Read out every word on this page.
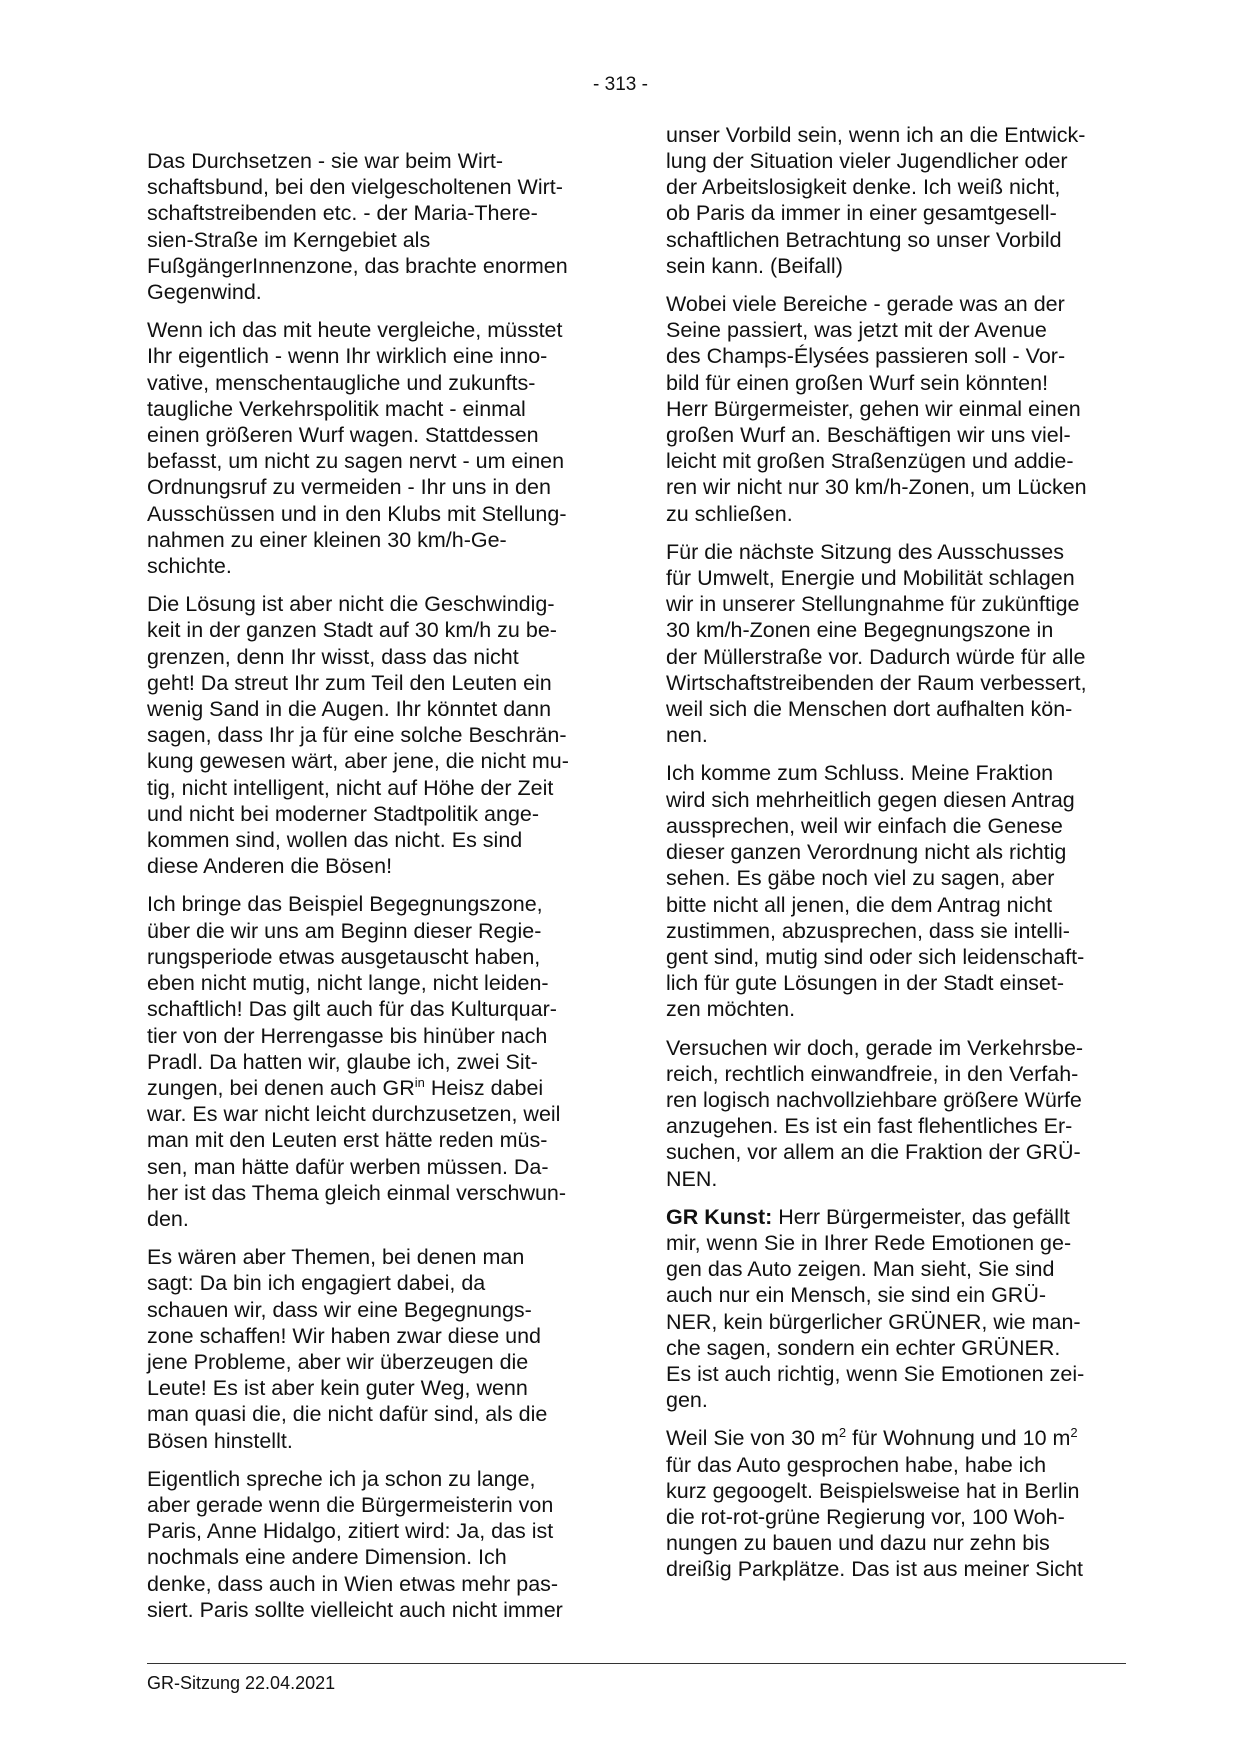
- 313 -

Das Durchsetzen - sie war beim Wirt-
schaftsbund, bei den vielgescholtenen Wirt-
schaftstreibenden etc. - der Maria-There-
sien-Straße im Kerngebiet als
FußgängerInnenzone, das brachte enormen
Gegenwind.

Wenn ich das mit heute vergleiche, müsstet
Ihr eigentlich - wenn Ihr wirklich eine inno-
vative, menschentaugliche und zukunfts-
taugliche Verkehrspolitik macht - einmal
einen größeren Wurf wagen. Stattdessen
befasst, um nicht zu sagen nervt - um einen
Ordnungsruf zu vermeiden - Ihr uns in den
Ausschüssen und in den Klubs mit Stellung-
nahmen zu einer kleinen 30 km/h-Ge-
schichte.

Die Lösung ist aber nicht die Geschwindig-
keit in der ganzen Stadt auf 30 km/h zu be-
grenzen, denn Ihr wisst, dass das nicht
geht! Da streut Ihr zum Teil den Leuten ein
wenig Sand in die Augen. Ihr könntet dann
sagen, dass Ihr ja für eine solche Beschrän-
kung gewesen wärt, aber jene, die nicht mu-
tig, nicht intelligent, nicht auf Höhe der Zeit
und nicht bei moderner Stadtpolitik ange-
kommen sind, wollen das nicht. Es sind
diese Anderen die Bösen!

Ich bringe das Beispiel Begegnungszone,
über die wir uns am Beginn dieser Regie-
rungsperiode etwas ausgetauscht haben,
eben nicht mutig, nicht lange, nicht leiden-
schaftlich! Das gilt auch für das Kulturquar-
tier von der Herrengasse bis hinüber nach
Pradl. Da hatten wir, glaube ich, zwei Sit-
zungen, bei denen auch $GR^{in}$ Heisz dabei
war. Es war nicht leicht durchzusetzen, weil
man mit den Leuten erst hätte reden müs-
sen, man hätte dafür werben müssen. Da-
her ist das Thema gleich einmal verschwun-
den.

Es wären aber Themen, bei denen man
sagt: Da bin ich engagiert dabei, da
schauen wir, dass wir eine Begegnungs-
zone schaffen! Wir haben zwar diese und
jene Probleme, aber wir überzeugen die
Leute! Es ist aber kein guter Weg, wenn
man quasi die, die nicht dafür sind, als die
Bösen hinstellt.

Eigentlich spreche ich ja schon zu lange,
aber gerade wenn die Bürgermeisterin von
Paris, Anne Hidalgo, zitiert wird: Ja, das ist
nochmals eine andere Dimension. Ich
denke, dass auch in Wien etwas mehr pas-
siert. Paris sollte vielleicht auch nicht immer

unser Vorbild sein, wenn ich an die Entwick-
lung der Situation vieler Jugendlicher oder
der Arbeitslosigkeit denke. Ich weiß nicht,
ob Paris da immer in einer gesamtgesell-
schaftlichen Betrachtung so unser Vorbild
sein kann. (Beifall)

Wobei viele Bereiche - gerade was an der
Seine passiert, was jetzt mit der Avenue
des Champs-Élysées passieren soll - Vor-
bild für einen großen Wurf sein könnten!
Herr Bürgermeister, gehen wir einmal einen
großen Wurf an. Beschäftigen wir uns viel-
leicht mit großen Straßenzügen und addie-
ren wir nicht nur 30 km/h-Zonen, um Lücken
zu schließen.

Für die nächste Sitzung des Ausschusses
für Umwelt, Energie und Mobilität schlagen
wir in unserer Stellungnahme für zukünftige
30 km/h-Zonen eine Begegnungszone in
der Müllerstraße vor. Dadurch würde für alle
Wirtschaftstreibenden der Raum verbessert,
weil sich die Menschen dort aufhalten kön-
nen.

Ich komme zum Schluss. Meine Fraktion
wird sich mehrheitlich gegen diesen Antrag
aussprechen, weil wir einfach die Genese
dieser ganzen Verordnung nicht als richtig
sehen. Es gäbe noch viel zu sagen, aber
bitte nicht all jenen, die dem Antrag nicht
zustimmen, abzusprechen, dass sie intelli-
gent sind, mutig sind oder sich leidenschaft-
lich für gute Lösungen in der Stadt einset-
zen möchten.

Versuchen wir doch, gerade im Verkehrsbe-
reich, rechtlich einwandfreie, in den Verfah-
ren logisch nachvollziehbare größere Würfe
anzugehen. Es ist ein fast flehentliches Er-
suchen, vor allem an die Fraktion der GRÜ-
NEN.

GR Kunst: Herr Bürgermeister, das gefällt
mir, wenn Sie in Ihrer Rede Emotionen ge-
gen das Auto zeigen. Man sieht, Sie sind
auch nur ein Mensch, sie sind ein GRÜ-
NER, kein bürgerlicher GRÜNER, wie man-
che sagen, sondern ein echter GRÜNER.
Es ist auch richtig, wenn Sie Emotionen zei-
gen.

Weil Sie von 30 $m^2$ für Wohnung und 10 $m^2$
für das Auto gesprochen habe, habe ich
kurz gegoogelt. Beispielsweise hat in Berlin
die rot-rot-grüne Regierung vor, 100 Woh-
nungen zu bauen und dazu nur zehn bis
dreißig Parkplätze. Das ist aus meiner Sicht

GR-Sitzung 22.04.2021
